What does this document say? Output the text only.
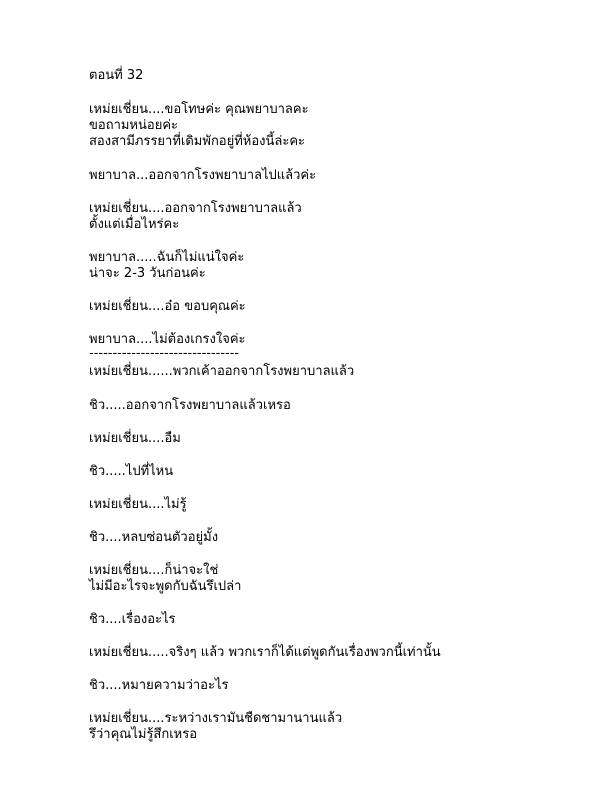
ตอนที่ 32
เหม่ยเชี่ยน....ขอโทษค่ะ คุณพยาบาลคะ
ขอถามหน่อยค่ะ
สองสามีภรรยาที่เดิมพักอยู่ที่ห้องนี้ล่ะคะ
พยาบาล...ออกจากโรงพยาบาลไปแล้วค่ะ
เหม่ยเชี่ยน....ออกจากโรงพยาบาลแล้ว
ตั้งแต่เมื่อไหร่คะ
พยาบาล.....ฉันก็ไม่แน่ใจค่ะ
น่าจะ 2-3 วันก่อนค่ะ
เหม่ยเชี่ยน....อ๋อ ขอบคุณค่ะ
พยาบาล....ไม่ต้องเกรงใจค่ะ
--------------------------------
เหม่ยเชี่ยน......พวกเค้าออกจากโรงพยาบาลแล้ว
ชิว.....ออกจากโรงพยาบาลแล้วเหรอ
เหม่ยเชี่ยน....อืม
ชิว.....ไปที่ไหน
เหม่ยเชี่ยน....ไม่รู้
ชิว....หลบซ่อนตัวอยู่มั้ง
เหม่ยเชี่ยน....ก็น่าจะใช่
ไม่มีอะไรจะพูดกับฉันรึเปล่า
ชิว....เรื่องอะไร
เหม่ยเชี่ยน.....จริงๆ แล้ว พวกเราก็ได้แต่พูดกันเรื่องพวกนี้เท่านั้น
ชิว....หมายความว่าอะไร
เหม่ยเชี่ยน....ระหว่างเรามันชืดชามานานแล้ว
รึว่าคุณไม่รู้สึกเหรอ
